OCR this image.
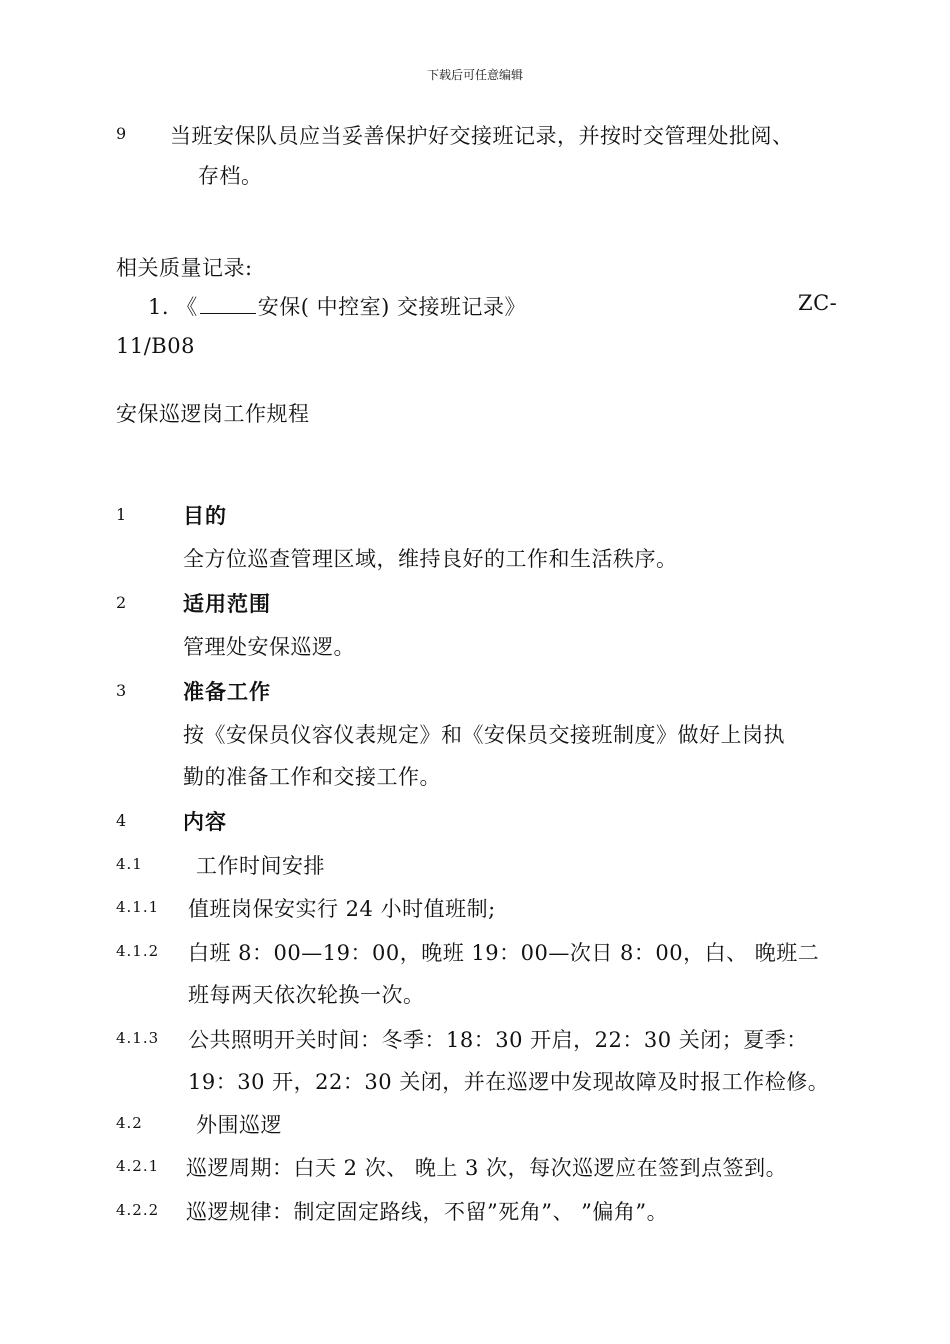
下载后可任意编辑
9 当班安保队员应当妥善保护好交接班记录，并按时交管理处批阅、
存档。
相关质量记录:
1. 《	安保( 中控室) 交接班记录》	ZC-
11/B08
安保巡逻岗工作规程
1	目的
全方位巡查管理区域，维持良好的工作和生活秩序。
2	适用范围
管理处安保巡逻。
3	准备工作
按《安保员仪容仪表规定》和《安保员交接班制度》做好上岗执
勤的准备工作和交接工作。
4	内容
4.1	工作时间安排
4.1.1 值班岗保安实行 24 小时值班制;
4.1.2 白班 8：00—19：00，晚班 19：00—次日 8：00，白、 晚班二
班每两天依次轮换一次。
4.1.3 公共照明开关时间：冬季：18：30 开启，22：30 关闭；夏季：
19：30 开，22：30 关闭，并在巡逻中发现故障及时报工作检修。
4.2	外围巡逻
4.2.1 巡逻周期：白天 2 次、 晚上 3 次，每次巡逻应在签到点签到。
4.2.2 巡逻规律：制定固定路线，不留”死角”、 ”偏角”。
